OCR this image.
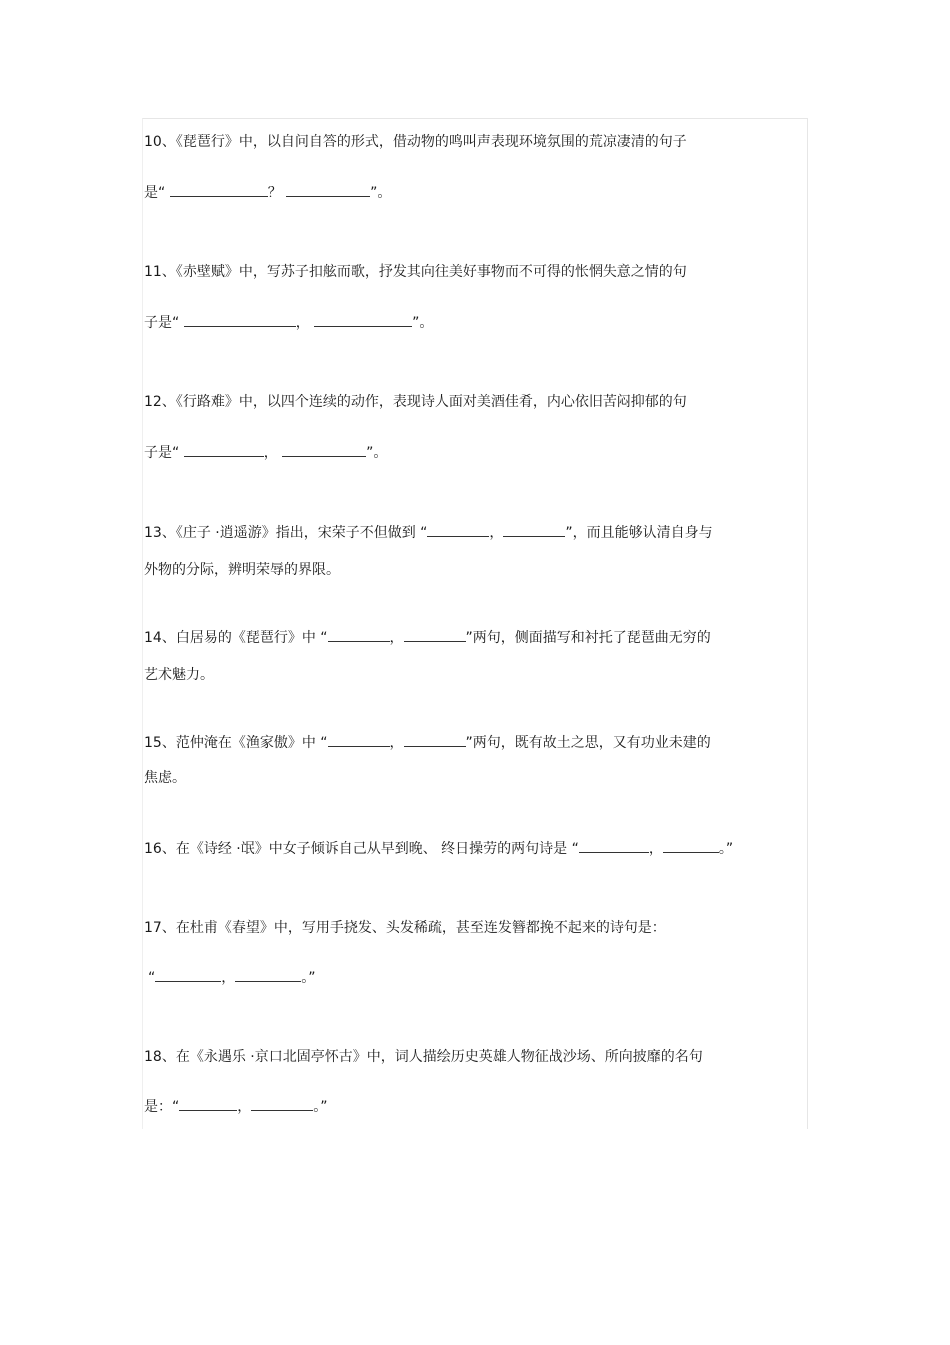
10、《琵琶行》中，以自问自答的形式，借动物的鸣叫声表现环境氛围的荒凉凄清的句子
是“	？	”。
11、《赤壁赋》中，写苏子扣舷而歌，抒发其向往美好事物而不可得的怅惘失意之情的句
子是“	，	”。
12、《行路难》中，以四个连续的动作，表现诗人面对美酒佳肴，内心依旧苦闷抑郁的句
子是“	，	”。
13、《庄子 ·逍遥游》指出，宋荣子不但做到 “	，	”，而且能够认清自身与
外物的分际，辨明荣辱的界限。
14、白居易的《琵琶行》中 “	，	”两句，侧面描写和衬托了琵琶曲无穷的
艺术魅力。
15、范仲淹在《渔家傲》中 “	，	”两句，既有故土之思，又有功业未建的
焦虑。
16、在《诗经 ·氓》中女子倾诉自己从早到晚、 终日操劳的两句诗是 “	，	。”
17、在杜甫《春望》中，写用手挠发、头发稀疏，甚至连发簪都挽不起来的诗句是：
“	，	。”
18、在《永遇乐 ·京口北固亭怀古》中，词人描绘历史英雄人物征战沙场、所向披靡的名句
是：“	，	。”
